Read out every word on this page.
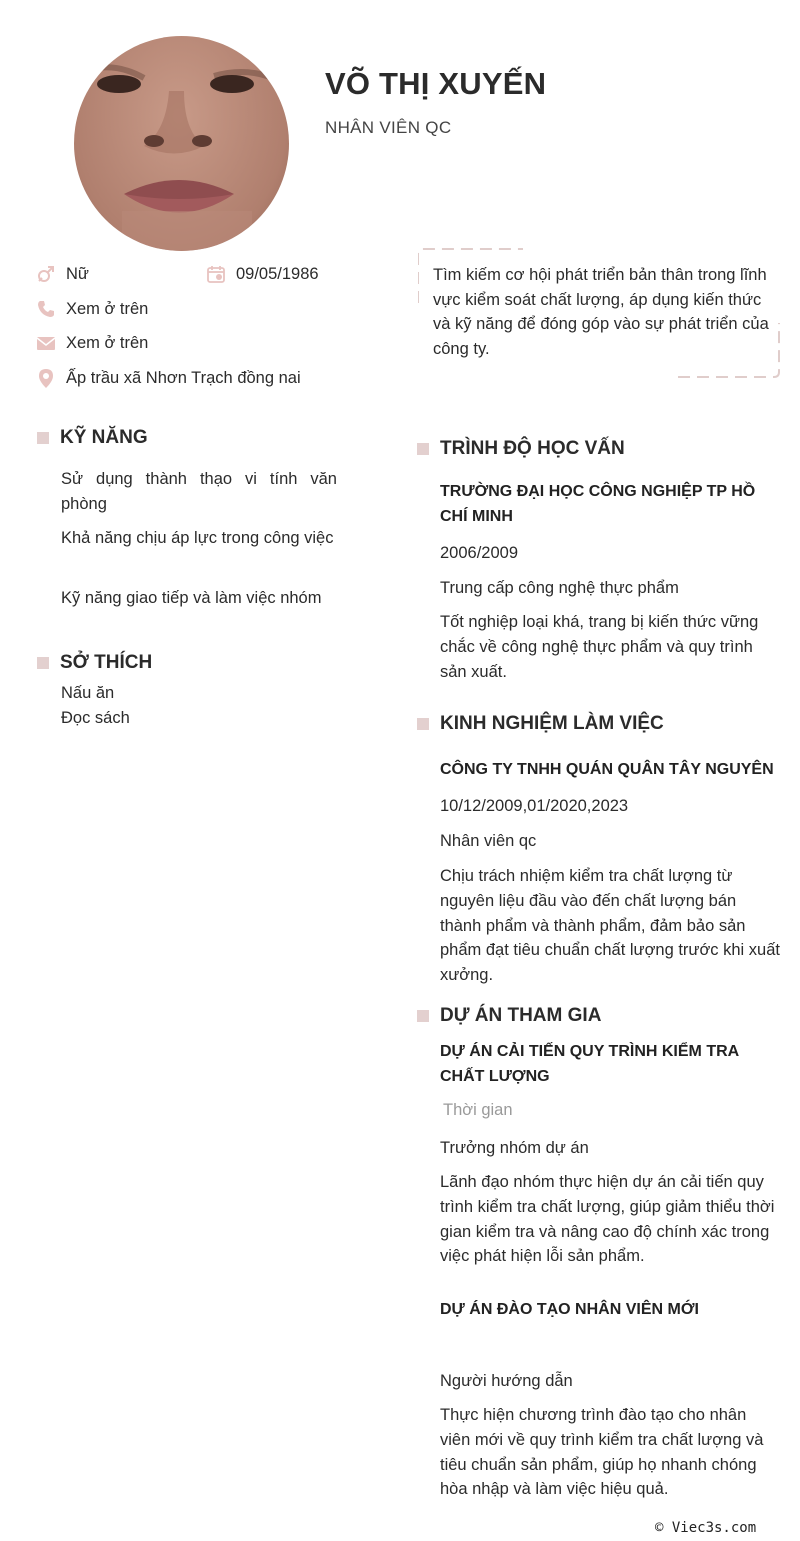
VÕ THỊ XUYẾN
NHÂN VIÊN QC
Nữ	09/05/1986
Xem ở trên
Xem ở trên
Ấp trầu xã Nhơn Trạch đồng nai

Tìm kiếm cơ hội phát triển bản thân trong lĩnh vực kiểm soát chất lượng, áp dụng kiến thức và kỹ năng để đóng góp vào sự phát triển của công ty.

KỸ NĂNG
Sử dụng thành thạo vi tính văn phòng
Khả năng chịu áp lực trong công việc
Kỹ năng giao tiếp và làm việc nhóm
SỞ THÍCH
Nấu ăn
Đọc sách
TRÌNH ĐỘ HỌC VẤN
TRƯỜNG ĐẠI HỌC CÔNG NGHIỆP TP HỒ CHÍ MINH
2006/2009
Trung cấp công nghệ thực phẩm
Tốt nghiệp loại khá, trang bị kiến thức vững chắc về công nghệ thực phẩm và quy trình sản xuất.
KINH NGHIỆM LÀM VIỆC
CÔNG TY TNHH QUÁN QUÂN TÂY NGUYÊN
10/12/2009,01/2020,2023
Nhân viên qc
Chịu trách nhiệm kiểm tra chất lượng từ nguyên liệu đầu vào đến chất lượng bán thành phẩm và thành phẩm, đảm bảo sản phẩm đạt tiêu chuẩn chất lượng trước khi xuất xưởng.
DỰ ÁN THAM GIA
DỰ ÁN CẢI TIẾN QUY TRÌNH KIỂM TRA CHẤT LƯỢNG
Thời gian
Trưởng nhóm dự án
Lãnh đạo nhóm thực hiện dự án cải tiến quy trình kiểm tra chất lượng, giúp giảm thiểu thời gian kiểm tra và nâng cao độ chính xác trong việc phát hiện lỗi sản phẩm.
DỰ ÁN ĐÀO TẠO NHÂN VIÊN MỚI
Người hướng dẫn
Thực hiện chương trình đào tạo cho nhân viên mới về quy trình kiểm tra chất lượng và tiêu chuẩn sản phẩm, giúp họ nhanh chóng hòa nhập và làm việc hiệu quả.
© Viec3s.com
